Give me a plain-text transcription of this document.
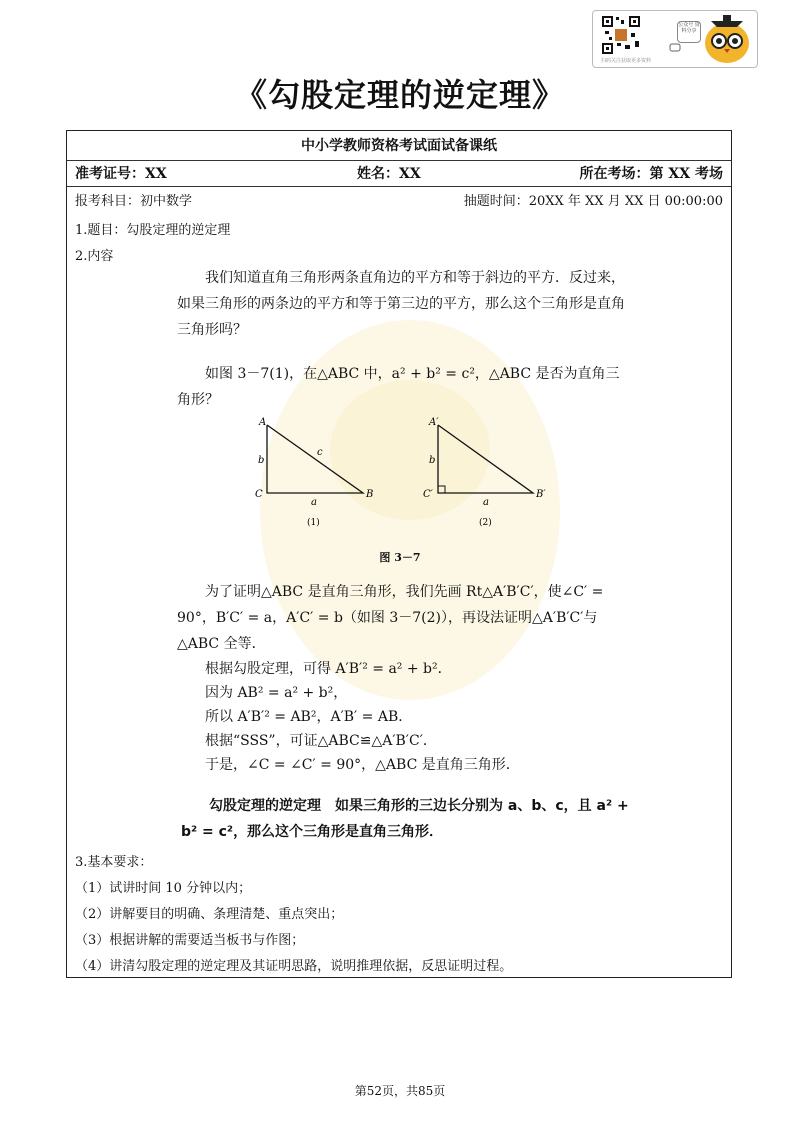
扫码关注获取更多资料
公众号 资料分享
《勾股定理的逆定理》
中小学教师资格考试面试备课纸
准考证号：XX	姓名：XX	所在考场：第 XX 考场
报考科目：初中数学	抽题时间：20XX 年 XX 月 XX 日 00:00:00
1.题目：勾股定理的逆定理
2.内容
我们知道直角三角形两条直角边的平方和等于斜边的平方．反过来，如果三角形的两条边的平方和等于第三边的平方，那么这个三角形是直角三角形吗？
如图 3－7(1)，在△ABC 中，a² + b² = c²，△ABC 是否为直角三角形？
A
C	B
b
a
c
(1)
A′
C′	B′
b
a
(2)
图 3－7
为了证明△ABC 是直角三角形，我们先画 Rt△A′B′C′，使∠C′ = 90°，B′C′ = a，A′C′ = b（如图 3－7(2)），再设法证明△A′B′C′与△ABC 全等．
根据勾股定理，可得 A′B′² = a² + b²．
因为 AB² = a² + b²，
所以 A′B′² = AB²，A′B′ = AB．
根据“SSS”，可证△ABC≌△A′B′C′．
于是，∠C = ∠C′ = 90°，△ABC 是直角三角形．
勾股定理的逆定理　如果三角形的三边长分别为 a、b、c，且 a² + b² = c²，那么这个三角形是直角三角形．
3.基本要求：
（1）试讲时间 10 分钟以内；
（2）讲解要目的明确、条理清楚、重点突出；
（3）根据讲解的需要适当板书与作图；
（4）讲清勾股定理的逆定理及其证明思路，说明推理依据，反思证明过程。
第52页，共85页
